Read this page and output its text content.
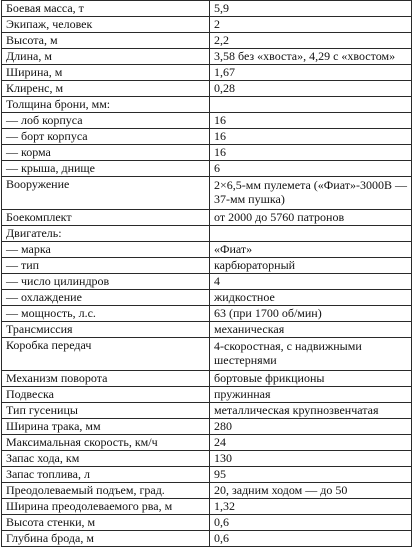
Боевая масса, т	5,9
Экипаж, человек	2
Высота, м	2,2
Длина, м	3,58 без «хвоста», 4,29 с «хвостом»
Ширина, м	1,67
Клиренс, м	0,28
Толщина брони, мм:	
— лоб корпуса	16
— борт корпуса	16
— корма	16
— крыша, днище	6
Вооружение	2×6,5-мм пулемета («Фиат»-3000В — 37-мм пушка)
Боекомплект	от 2000 до 5760 патронов
Двигатель:	
— марка	«Фиат»
— тип	карбюраторный
— число цилиндров	4
— охлаждение	жидкостное
— мощность, л.с.	63 (при 1700 об/мин)
Трансмиссия	механическая
Коробка передач	4-скоростная, с надвижными шестернями
Механизм поворота	бортовые фрикционы
Подвеска	пружинная
Тип гусеницы	металлическая крупнозвенчатая
Ширина трака, мм	280
Максимальная скорость, км/ч	24
Запас хода, км	130
Запас топлива, л	95
Преодолеваемый подъем, град.	20, задним ходом — до 50
Ширина преодолеваемого рва, м	1,32
Высота стенки, м	0,6
Глубина брода, м	0,6
